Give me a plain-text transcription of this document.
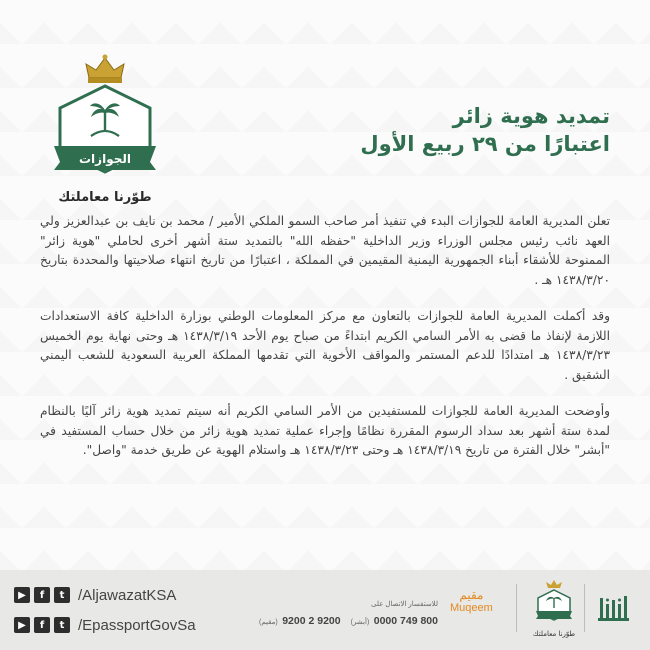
الجوازات
طوّرنا معاملتك
تمديد هوية زائر
اعتبارًا من ٢٩ ربيع الأول

تعلن المديرية العامة للجوازات البدء في تنفيذ أمر صاحب السمو الملكي الأمير / محمد بن نايف بن عبدالعزيز ولي العهد نائب رئيس مجلس الوزراء وزير الداخلية "حفظه الله" بالتمديد ستة أشهر أخرى لحاملي "هوية زائر" الممنوحة للأشقاء أبناء الجمهورية اليمنية المقيمين في المملكة ، اعتبارًا من تاريخ انتهاء صلاحيتها والمحددة بتاريخ ١٤٣٨/٣/٢٠ هـ .

وقد أكملت المديرية العامة للجوازات بالتعاون مع مركز المعلومات الوطني بوزارة الداخلية كافة الاستعدادات اللازمة لإنفاذ ما قضى به الأمر السامي الكريم ابتداءً من صباح يوم الأحد ١٤٣٨/٣/١٩ هـ وحتى نهاية يوم الخميس ١٤٣٨/٣/٢٣ هـ امتدادًا للدعم المستمر والمواقف الأخوية التي تقدمها المملكة العربية السعودية للشعب اليمني الشقيق .

وأوضحت المديرية العامة للجوازات للمستفيدين من الأمر السامي الكريم أنه سيتم تمديد هوية زائر آليًا بالنظام لمدة ستة أشهر بعد سداد الرسوم المقررة نظامًا وإجراء عملية تمديد هوية زائر من خلال حساب المستفيد في "أبشر" خلال الفترة من تاريخ ١٤٣٨/٣/١٩ هـ وحتى ١٤٣٨/٣/٢٣ هـ واستلام الهوية عن طريق خدمة "واصل".

▶	f	t /AljawazatKSA
▶	f	t /EpassportGovSa
للاستفسار الاتصال على
(مقيم) 9200 2 9200 (أبشر) 800 749 0000
مقيم
Muqeem
طوّرنا معاملتك
